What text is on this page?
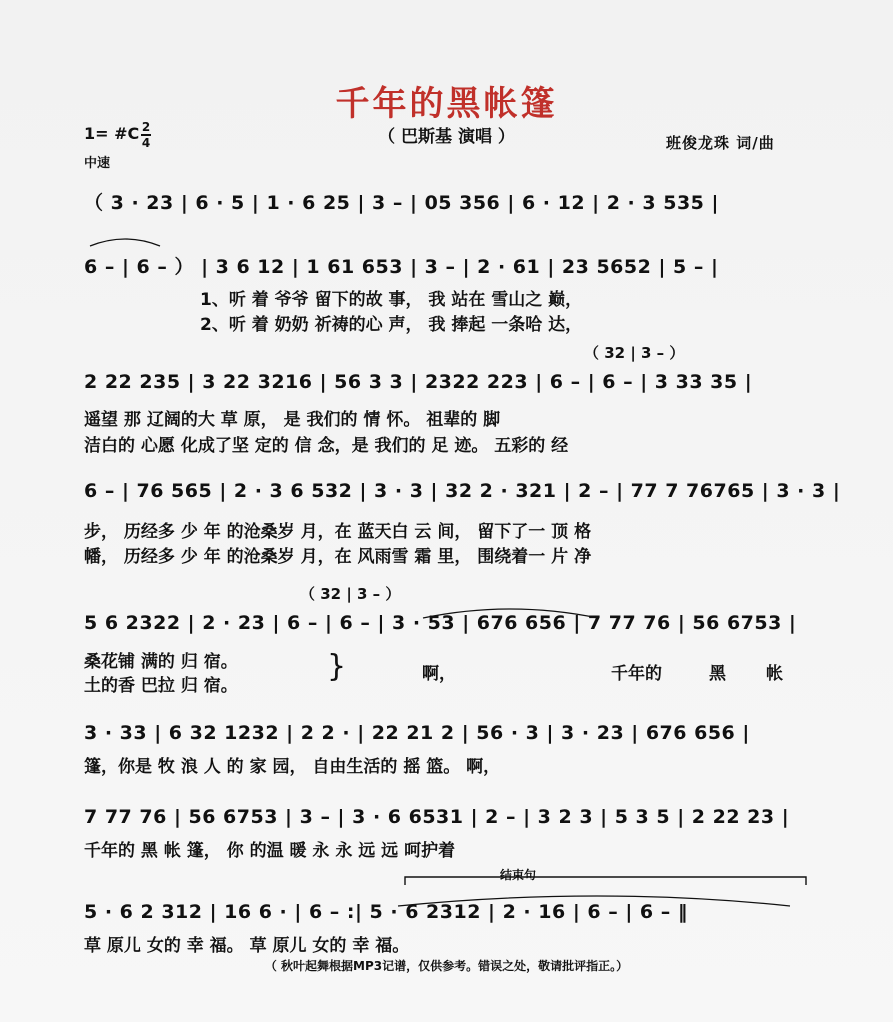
千年的黑帐篷
（ 巴斯基 演唱 ）
1= #C 2
4
中速
班俊龙珠 词/曲
（ 3 · 23 | 6 · 5 | 1 · 6 25 | 3 – | 05 356 | 6 · 12 | 2 · 3 535 |
6 – | 6 – ） | 3 6 12 | 1 61 653 | 3 – | 2 · 61 | 23 5652 | 5 – |
1、听 着 爷爷 留下的故 事， 我 站在 雪山之 巅，
2、听 着 奶奶 祈祷的心 声， 我 捧起 一条哈 达，
（ 32 | 3 – ）
2 22 235 | 3 22 3216 | 56 3 3 | 2322 223 | 6 – | 6 – | 3 33 35 |
遥望 那 辽阔的大 草 原， 是 我们的 情 怀。 祖辈的 脚
洁白的 心愿 化成了坚 定的 信 念，是 我们的 足 迹。 五彩的 经
6 – | 76 565 | 2 · 3 6 532 | 3 · 3 | 32 2 · 321 | 2 – | 77 7 76765 | 3 · 3 |
步， 历经多 少 年 的沧桑岁 月，在 蓝天白 云 间， 留下了一 顶 格
幡， 历经多 少 年 的沧桑岁 月，在 风雨雪 霜 里， 围绕着一 片 净
（ 32 | 3 – ）
5 6 2322 | 2 · 23 | 6 – | 6 – | 3 · 53 | 676 656 | 7 77 76 | 56 6753 |
桑花铺 满的 归 宿。
土的香 巴拉 归 宿。
}	啊，	千年的	黑 帐
3 · 33 | 6 32 1232 | 2 2 · | 22 21 2 | 56 · 3 | 3 · 23 | 676 656 |
篷，你是 牧 浪 人 的 家 园， 自由生活的 摇 篮。 啊，
7 77 76 | 56 6753 | 3 – | 3 · 6 6531 | 2 – | 3 2 3 | 5 3 5 | 2 22 23 |
千年的 黑 帐 篷， 你 的温 暖 永 永 远 远 呵护着
结束句
5 · 6 2 312 | 16 6 · | 6 – :| 5 · 6 2312 | 2 · 16 | 6 – | 6 – ‖
草 原儿 女的 幸 福。 草 原儿 女的 幸 福。
（ 秋叶起舞根据MP3记谱，仅供参考。错误之处，敬请批评指正。）
